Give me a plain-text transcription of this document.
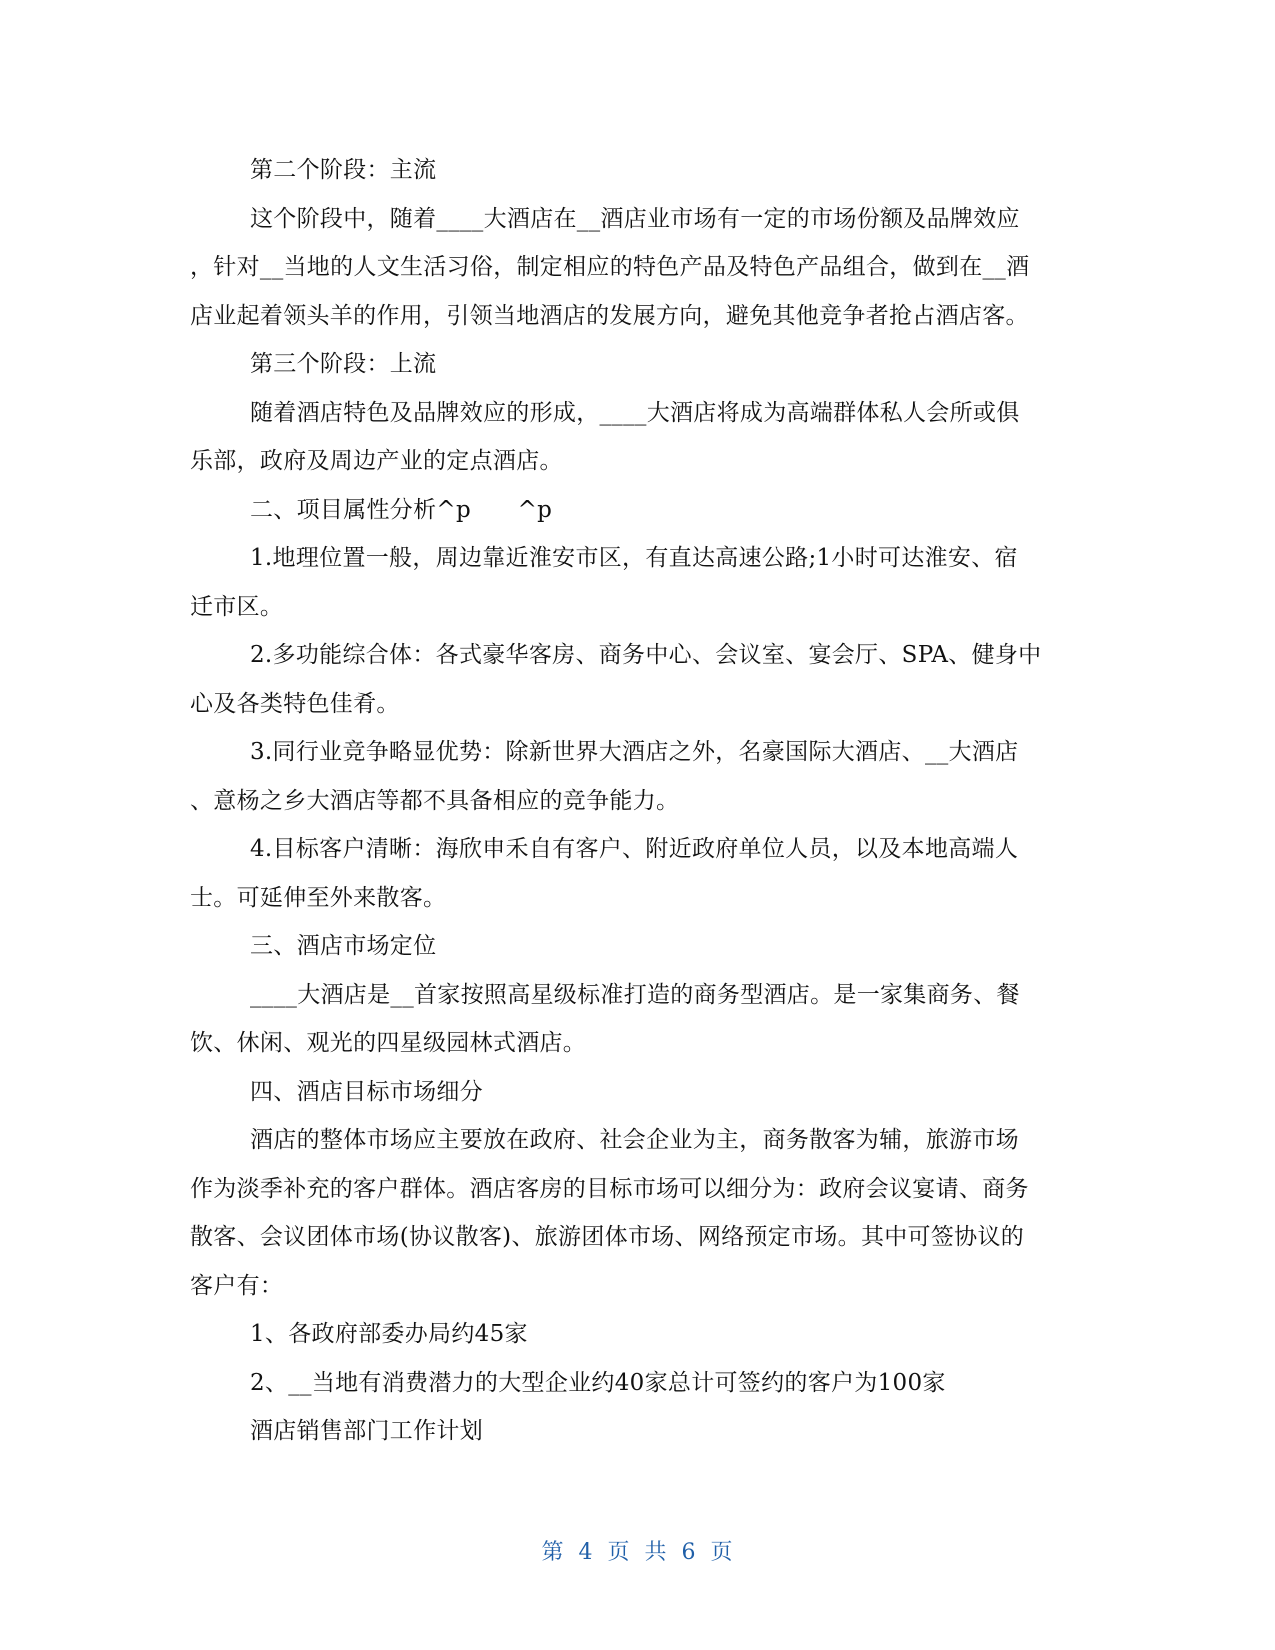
第二个阶段：主流
这个阶段中，随着____大酒店在__酒店业市场有一定的市场份额及品牌效应
，针对__当地的人文生活习俗，制定相应的特色产品及特色产品组合，做到在__酒
店业起着领头羊的作用，引领当地酒店的发展方向，避免其他竞争者抢占酒店客。
第三个阶段：上流
随着酒店特色及品牌效应的形成，____大酒店将成为高端群体私人会所或俱
乐部，政府及周边产业的定点酒店。
二、项目属性分析^p　　^p
1.地理位置一般，周边靠近淮安市区，有直达高速公路;1小时可达淮安、宿
迁市区。
2.多功能综合体：各式豪华客房、商务中心、会议室、宴会厅、SPA、健身中
心及各类特色佳肴。
3.同行业竞争略显优势：除新世界大酒店之外，名豪国际大酒店、__大酒店
、意杨之乡大酒店等都不具备相应的竞争能力。
4.目标客户清晰：海欣申禾自有客户、附近政府单位人员，以及本地高端人
士。可延伸至外来散客。
三、酒店市场定位
____大酒店是__首家按照高星级标准打造的商务型酒店。是一家集商务、餐
饮、休闲、观光的四星级园林式酒店。
四、酒店目标市场细分
酒店的整体市场应主要放在政府、社会企业为主，商务散客为辅，旅游市场
作为淡季补充的客户群体。酒店客房的目标市场可以细分为：政府会议宴请、商务
散客、会议团体市场(协议散客)、旅游团体市场、网络预定市场。其中可签协议的
客户有：
1、各政府部委办局约45家
2、__当地有消费潜力的大型企业约40家总计可签约的客户为100家
酒店销售部门工作计划
第 4 页 共 6 页
